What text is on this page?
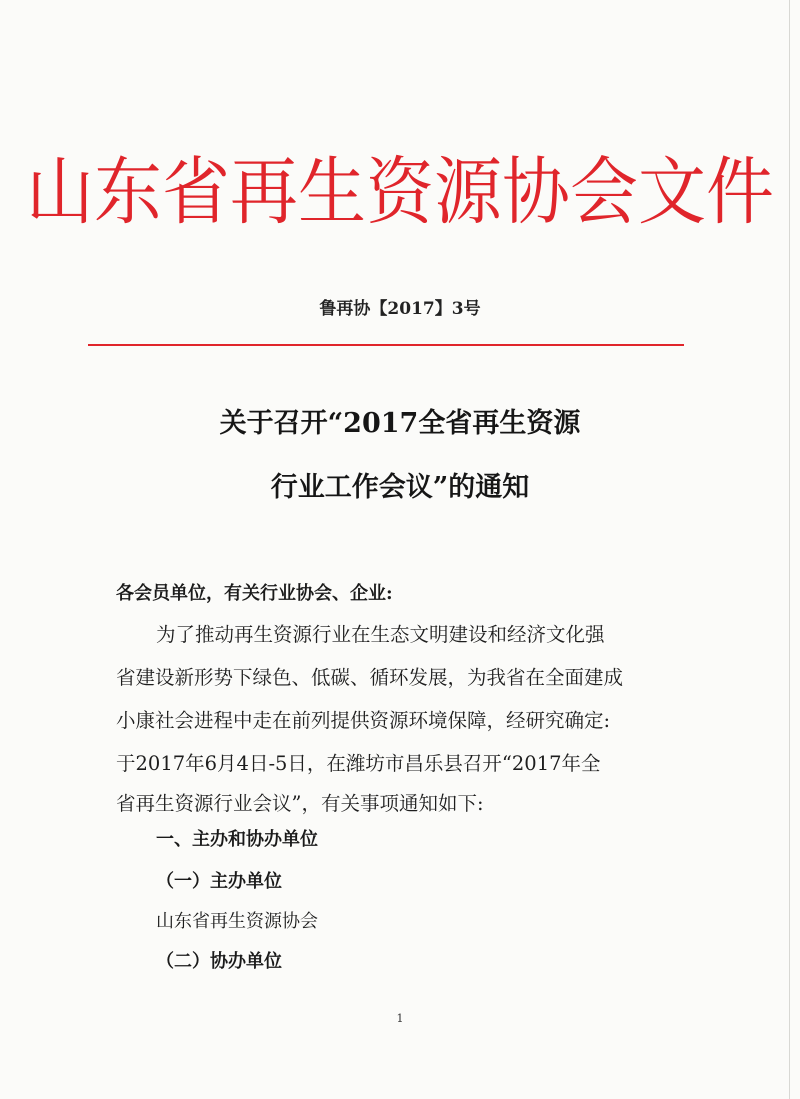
山东省再生资源协会文件
鲁再协【2017】3号
关于召开“2017全省再生资源
行业工作会议”的通知
各会员单位，有关行业协会、企业:
为了推动再生资源行业在生态文明建设和经济文化强
省建设新形势下绿色、低碳、循环发展，为我省在全面建成
小康社会进程中走在前列提供资源环境保障，经研究确定:
于2017年6月4日-5日，在潍坊市昌乐县召开“2017年全
省再生资源行业会议”，有关事项通知如下:
一、主办和协办单位
（一）主办单位
山东省再生资源协会
（二）协办单位
1
